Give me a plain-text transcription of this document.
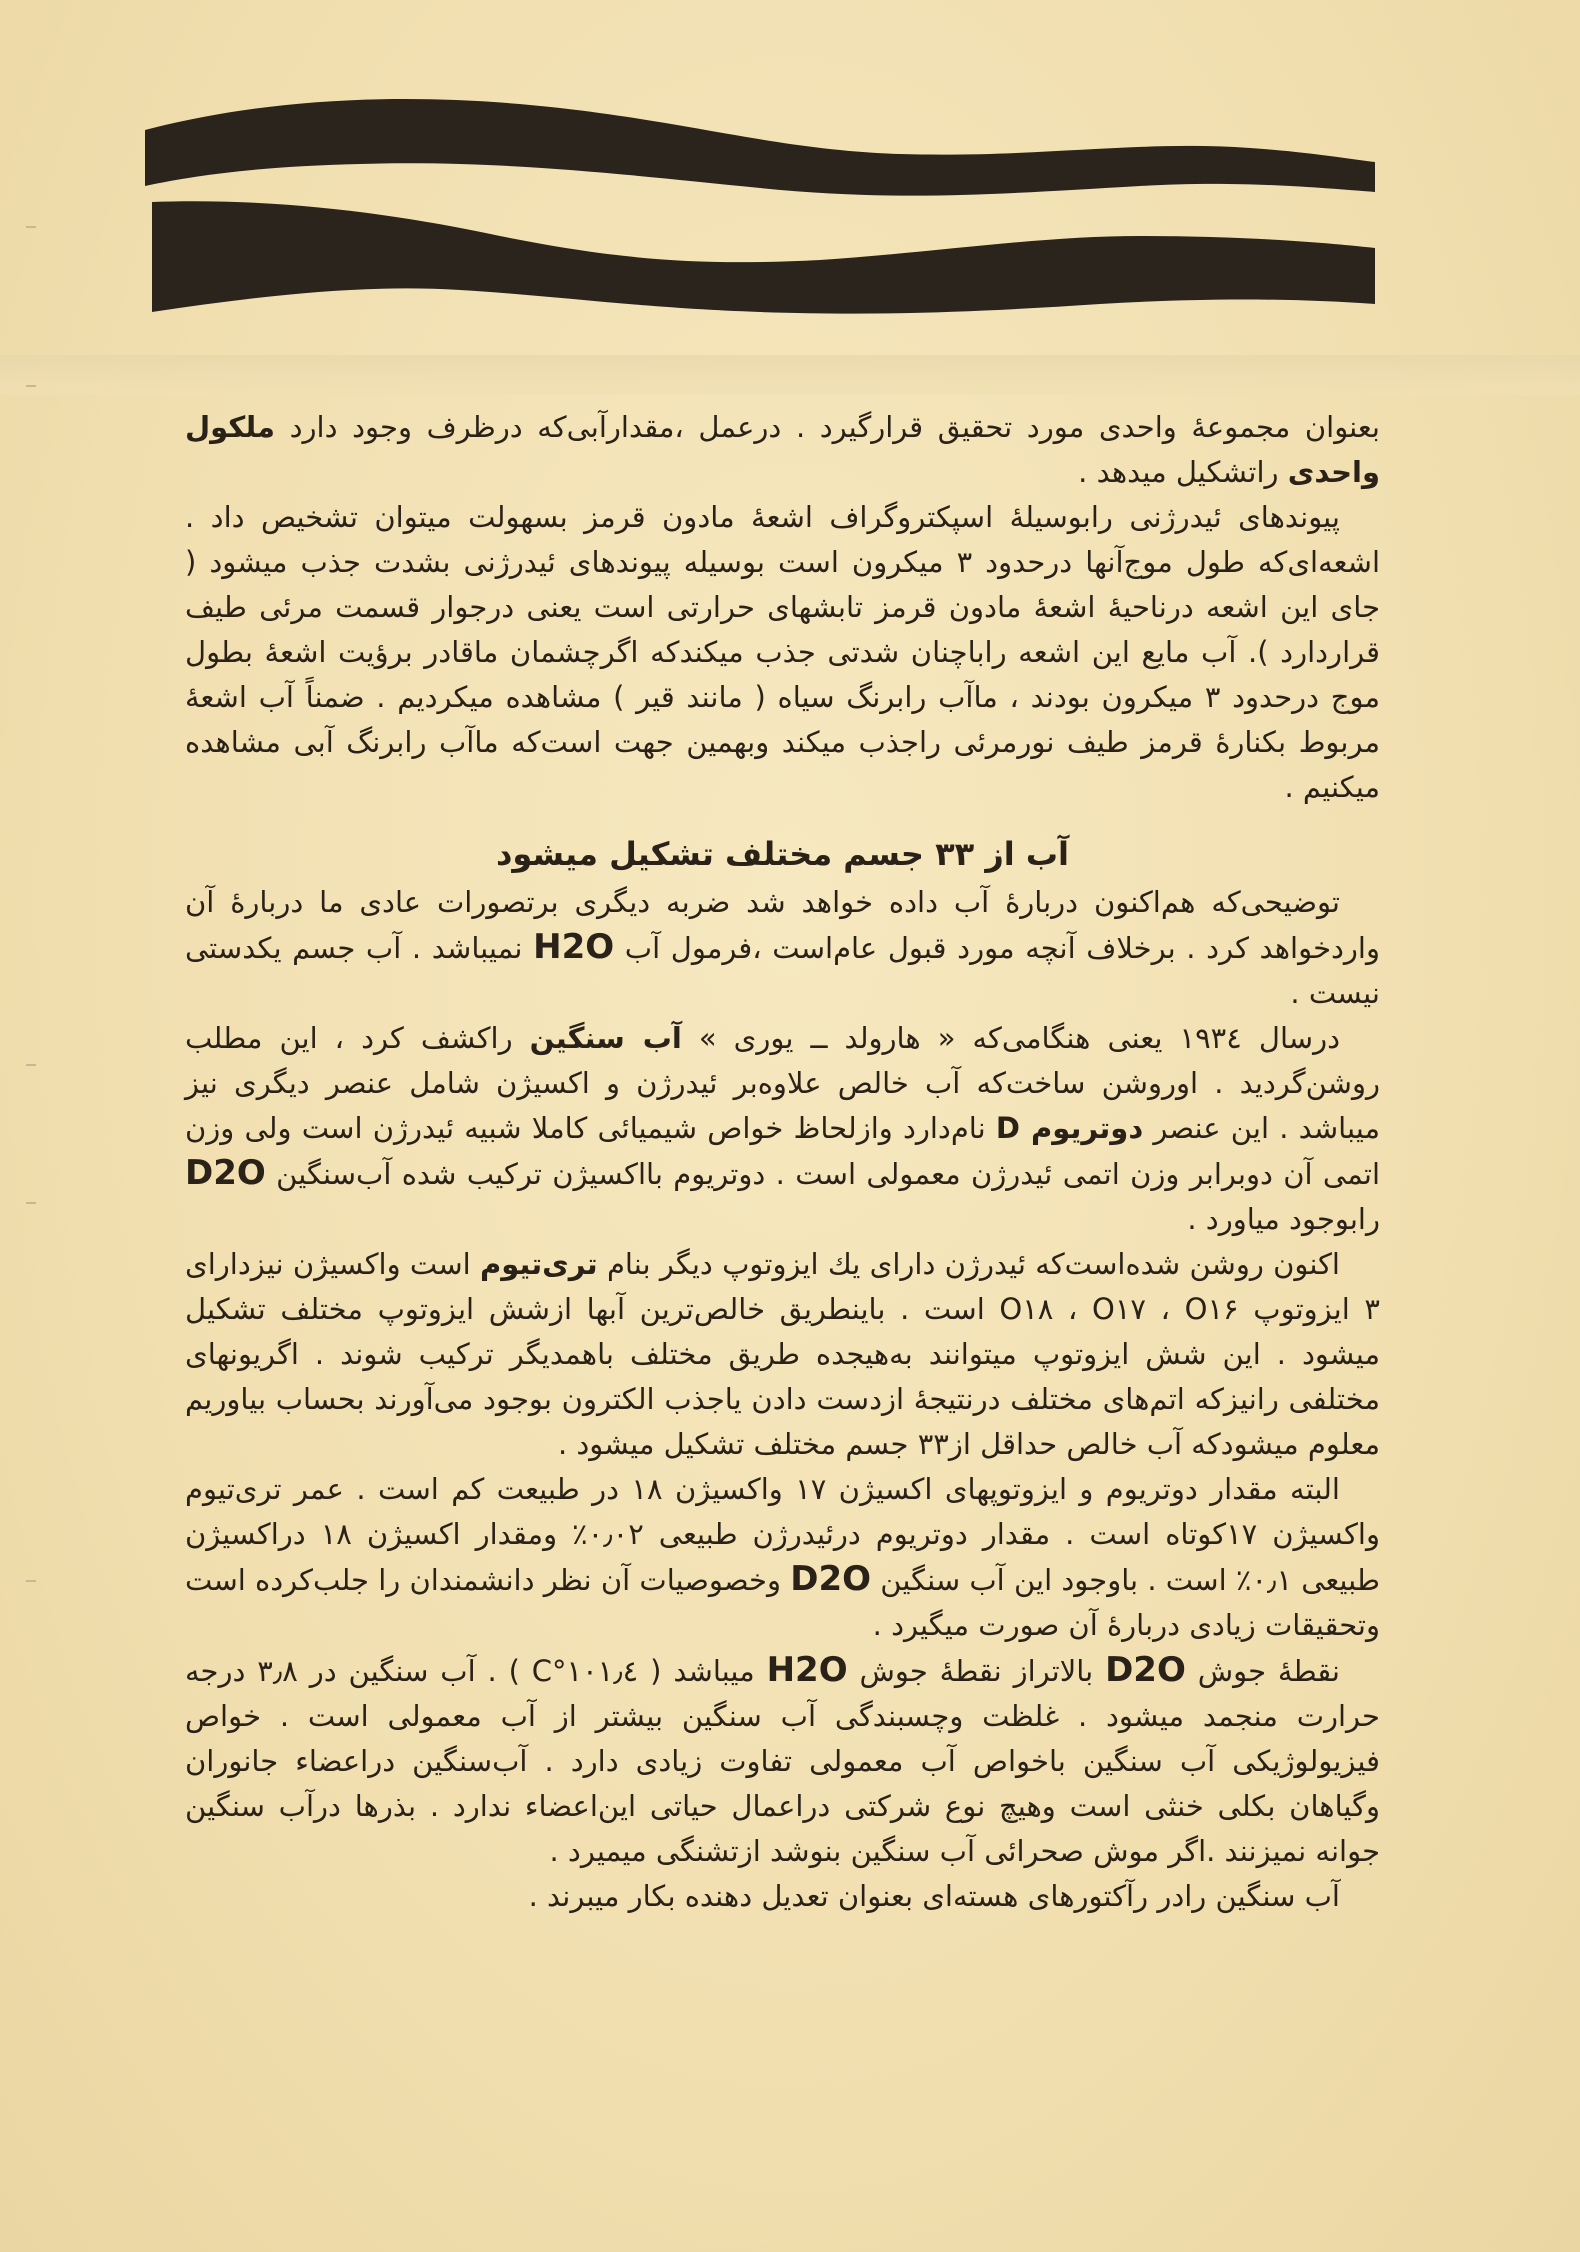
بعنوان مجموعهٔ واحدی مورد تحقیق قرارگیرد . درعمل ،مقدارآبی‌که درظرف وجود دارد ملکول واحدی راتشکیل میدهد .

پیوندهای ئیدرژنی رابوسیلهٔ اسپکتروگراف اشعهٔ مادون قرمز بسهولت میتوان تشخیص داد . اشعه‌ای‌که طول موج‌آنها درحدود ۳ میکرون است بوسیله پیوندهای ئیدرژنی بشدت جذب میشود ( جای این اشعه درناحیهٔ اشعهٔ مادون قرمز تابشهای حرارتی است یعنی درجوار قسمت مرئی طیف قراردارد ). آب مایع این اشعه راباچنان شدتی جذب میکندکه اگرچشمان ماقادر برؤیت اشعهٔ بطول موج درحدود ۳ میکرون بودند ، ماآب رابرنگ سیاه ( مانند قیر ) مشاهده میکردیم . ضمناً آب اشعهٔ مربوط بکنارهٔ قرمز طیف نورمرئی راجذب میکند وبهمین جهت است‌که ماآب رابرنگ آبی مشاهده میکنیم .

آب از ۳۳ جسم مختلف تشکیل میشود

توضیحی‌که هم‌اکنون دربارهٔ آب داده خواهد شد ضربه دیگری برتصورات عادی ما دربارهٔ آن واردخواهد کرد . برخلاف آنچه مورد قبول عام‌است ،فرمول آب H2O نمیباشد . آب جسم یکدستی نیست .

درسال ۱۹۳٤ یعنی هنگامی‌که « هارولد ــ یوری » آب سنگین راکشف کرد ، این مطلب روشن‌گردید . اوروشن ساخت‌که آب خالص علاوه‌بر ئیدرژن و اکسیژن شامل عنصر دیگری نیز میباشد . این عنصر دوتریوم D نام‌دارد وازلحاظ خواص شیمیائی کاملا شبیه ئیدرژن است ولی وزن اتمی آن دوبرابر وزن اتمی ئیدرژن معمولی است . دوتریوم بااکسیژن ترکیب شده آب‌سنگین D2O رابوجود میاورد .

اکنون روشن شده‌است‌که ئیدرژن دارای یك ایزوتوپ دیگر بنام تری‌تیوم است واکسیژن نیزدارای ۳ ایزوتوپ O۱۸ ، O۱۷ ، O۱۶ است . باینطریق خالص‌ترین آبها ازشش ایزوتوپ مختلف تشکیل میشود . این شش ایزوتوپ میتوانند به‌هیجده طریق مختلف باهمدیگر ترکیب شوند . اگریونهای مختلفی رانیزکه اتم‌های مختلف درنتیجهٔ ازدست دادن یاجذب الکترون بوجود می‌آورند بحساب بیاوریم معلوم میشودکه آب خالص حداقل از۳۳ جسم مختلف تشکیل میشود .

البته مقدار دوتریوم و ایزوتوپهای اکسیژن ۱۷ واکسیژن ۱۸ در طبیعت کم است . عمر تری‌تیوم واکسیژن ۱۷کوتاه است . مقدار دوتریوم درئیدرژن طبیعی ۰٫۰۲٪ ومقدار اکسیژن ۱۸ دراکسیژن طبیعی ۰٫۱٪ است . باوجود این آب سنگین D2O وخصوصیات آن نظر دانشمندان را جلب‌کرده است وتحقیقات زیادی دربارهٔ آن صورت میگیرد .

نقطهٔ جوش D2O بالاتراز نقطهٔ جوش H2O میباشد ( ۱۰۱٫٤°C ) . آب سنگین در ۳٫۸ درجه حرارت منجمد میشود . غلظت وچسبندگی آب سنگین بیشتر از آب معمولی است . خواص فیزیولوژیکی آب سنگین باخواص آب معمولی تفاوت زیادی دارد . آب‌سنگین دراعضاء جانوران وگیاهان بکلی خنثی است وهیچ نوع شرکتی دراعمال حیاتی این‌اعضاء ندارد . بذرها درآب سنگین جوانه نمیزنند .اگر موش صحرائی آب سنگین بنوشد ازتشنگی میمیرد .

آب سنگین رادر رآکتورهای هسته‌ای بعنوان تعدیل دهنده بکار میبرند .
